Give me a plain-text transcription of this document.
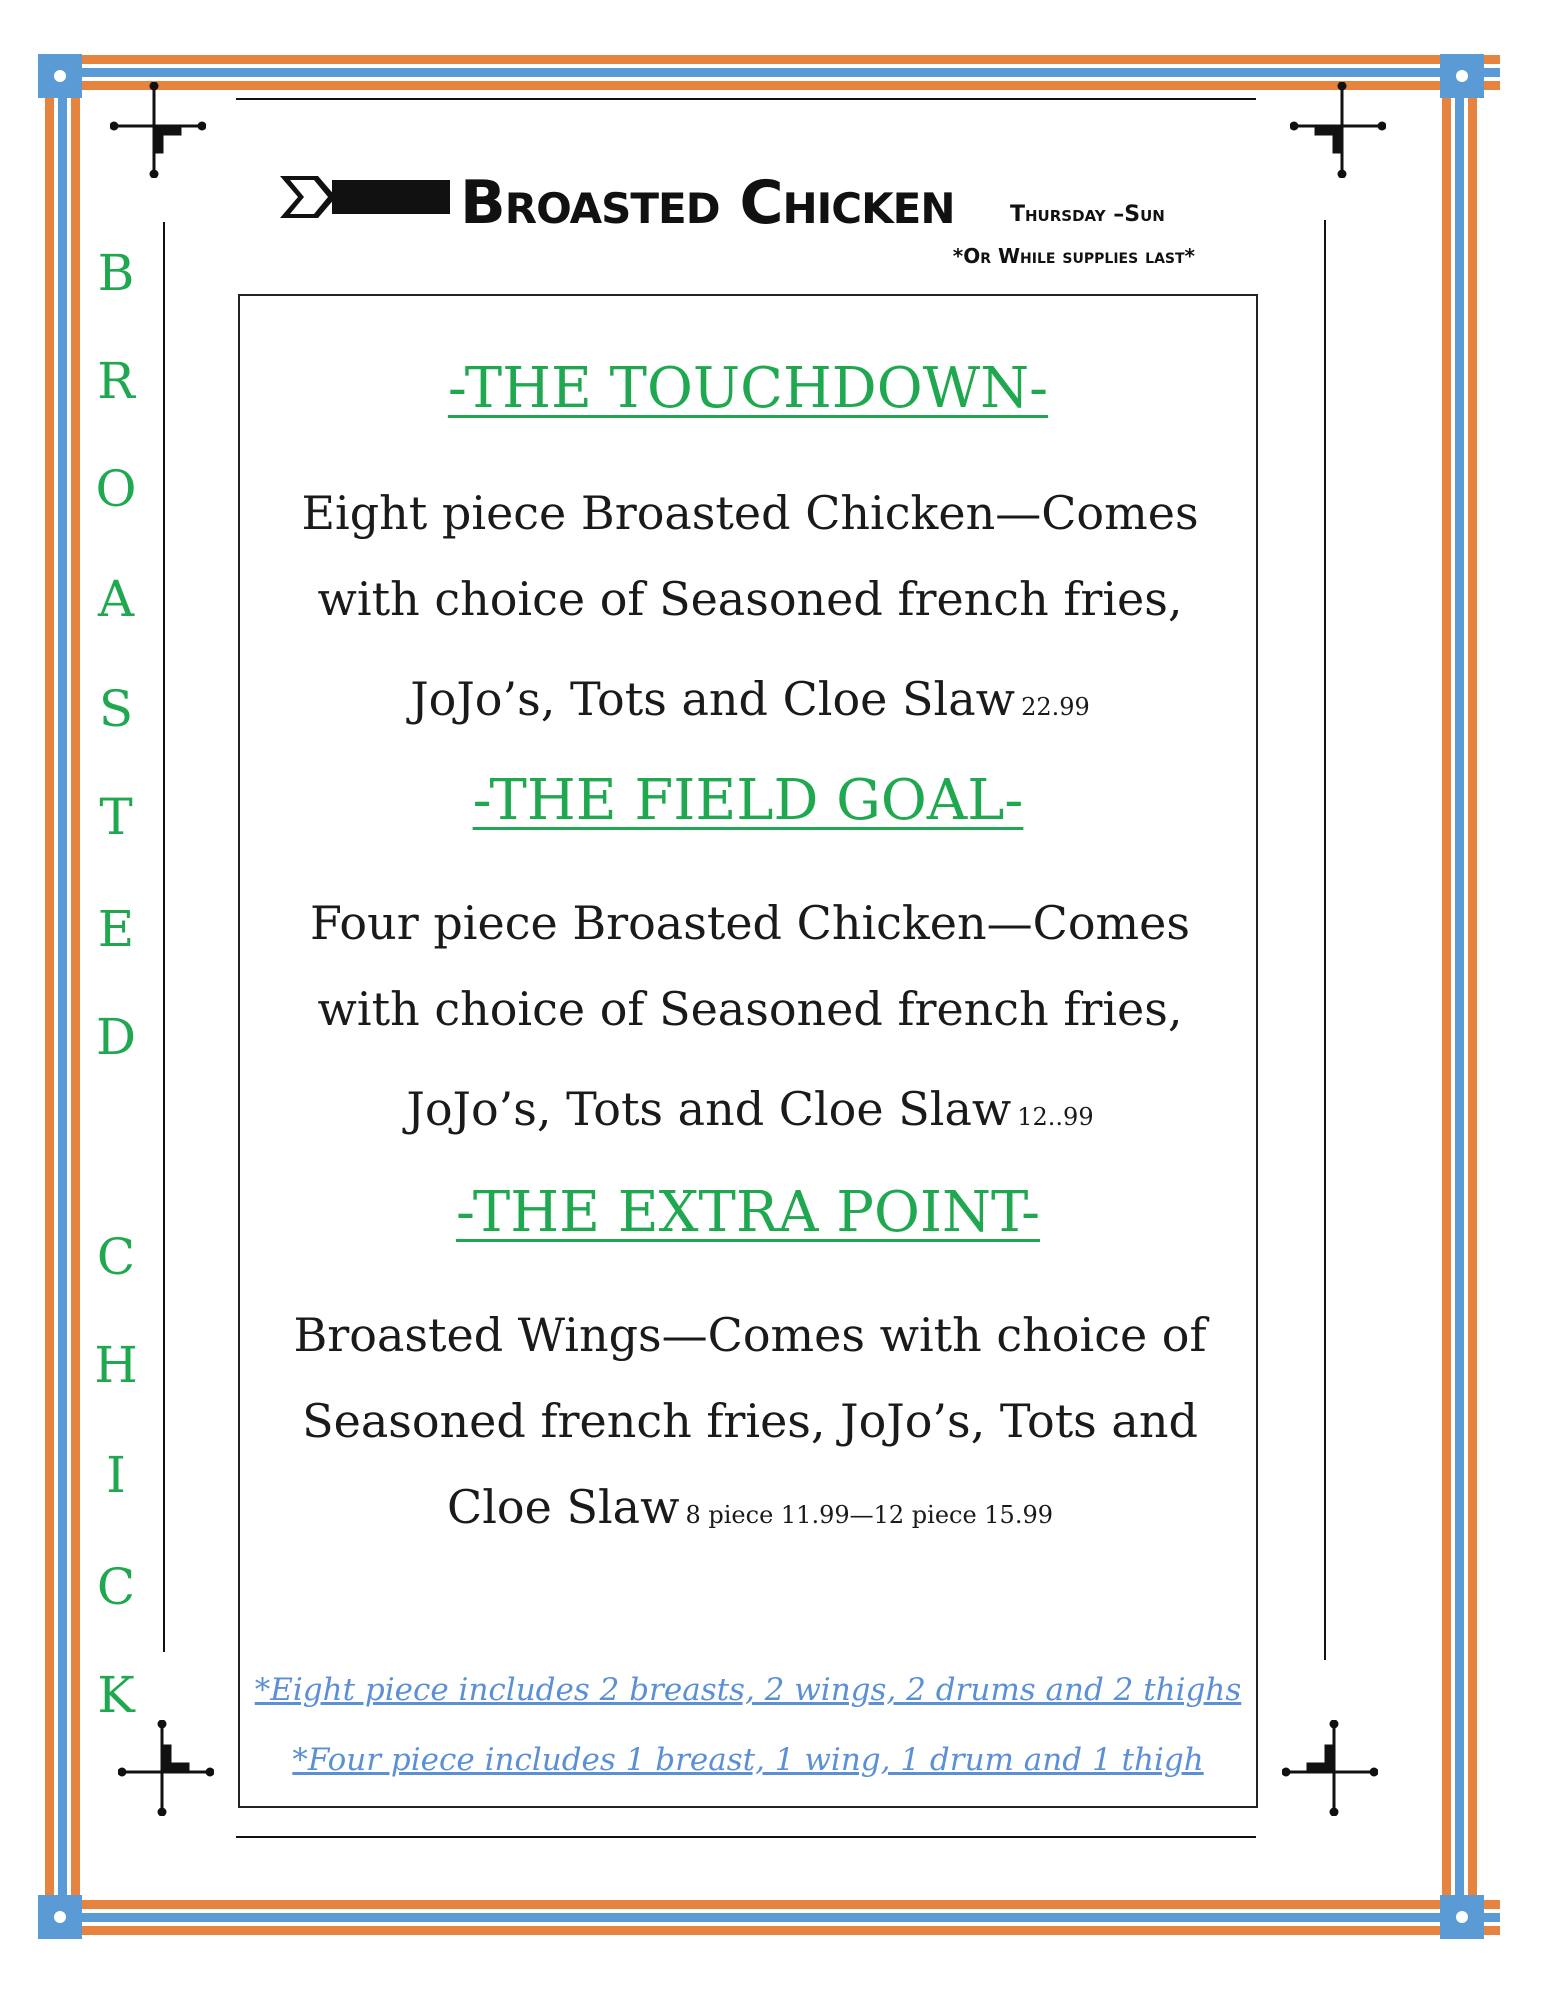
B
R
O
A
S
T
E
D
C
H
I
C
K
Broasted Chicken	Thursday –Sun
*Or While supplies last*
-THE TOUCHDOWN-
Eight piece Broasted Chicken—Comes
with choice of Seasoned french fries,
JoJo’s, Tots and Cloe Slaw 22.99
-THE FIELD GOAL-
Four piece Broasted Chicken—Comes
with choice of Seasoned french fries,
JoJo’s, Tots and Cloe Slaw 12..99
-THE EXTRA POINT-
Broasted Wings—Comes with choice of
Seasoned french fries, JoJo’s, Tots and
Cloe Slaw 8 piece 11.99—12 piece 15.99
*Eight piece includes 2 breasts, 2 wings, 2 drums and 2 thighs
*Four piece includes 1 breast, 1 wing, 1 drum and 1 thigh
